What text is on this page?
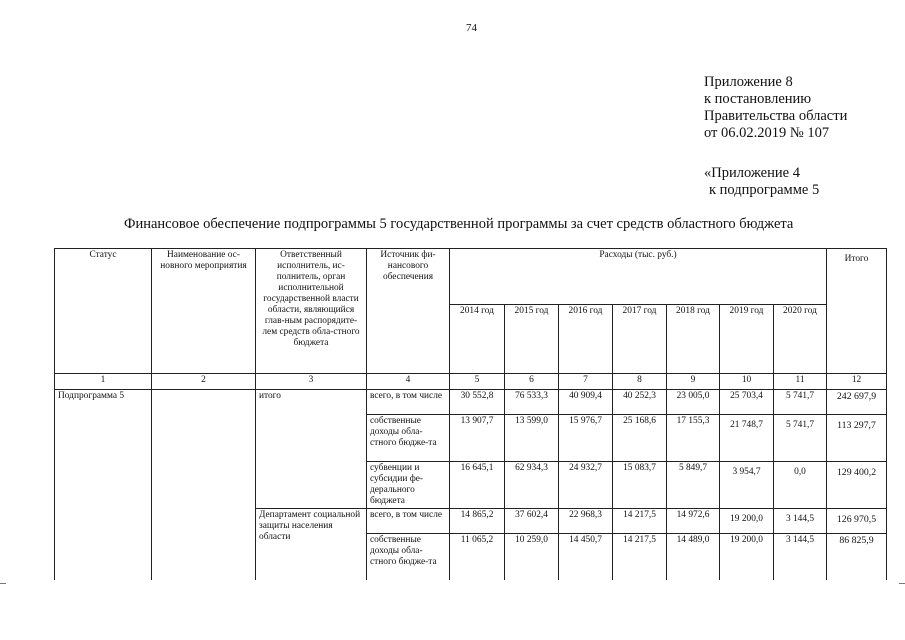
74
Приложение 8
к постановлению
Правительства области
от 06.02.2019 № 107
«Приложение 4
к подпрограмме 5
Финансовое обеспечение подпрограммы 5 государственной программы за счет средств областного бюджета
Статус	Наименование ос-новного мероприятия	Ответственный исполнитель, ис-полнитель, орган исполнительной государственной власти области, являющийся глав-ным распорядите-лем средств обла-стного бюджета	Источник фи-нансового обеспечения	Расходы (тыс. руб.)							Итого
				2014 год	2015 год	2016 год	2017 год	2018 год	2019 год	2020 год	
1	2	3	4	5	6	7	8	9	10	11	12
Подпрограмма 5		итого	всего, в том числе	30 552,8	76 533,3	40 909,4	40 252,3	23 005,0	25 703,4	5 741,7	242 697,9
			собственные доходы обла-стного бюдже-та	13 907,7	13 599,0	15 976,7	25 168,6	17 155,3	21 748,7	5 741,7	113 297,7
			субвенции и субсидии фе-дерального бюджета	16 645,1	62 934,3	24 932,7	15 083,7	5 849,7	3 954,7	0,0	129 400,2
		Департамент социальной защиты населения области	всего, в том числе	14 865,2	37 602,4	22 968,3	14 217,5	14 972,6	19 200,0	3 144,5	126 970,5
			собственные доходы обла-стного бюдже-та	11 065,2	10 259,0	14 450,7	14 217,5	14 489,0	19 200,0	3 144,5	86 825,9
